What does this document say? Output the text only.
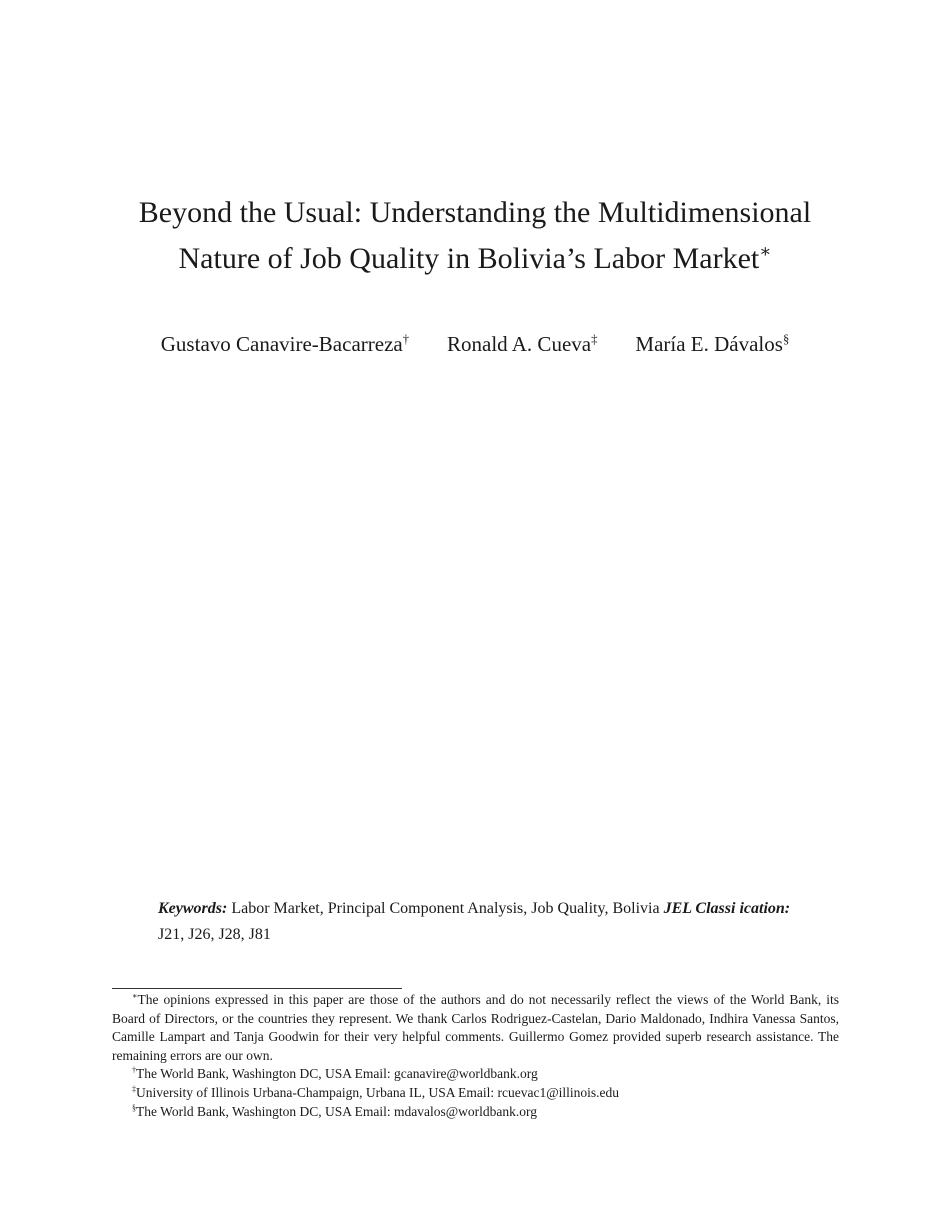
Beyond the Usual: Understanding the Multidimensional
Nature of Job Quality in Bolivia’s Labor Market∗
Gustavo Canavire-Bacarreza† Ronald A. Cueva‡ María E. Dávalos§
Keywords: Labor Market, Principal Component Analysis, Job Quality, Bolivia JEL Classi ication: J21, J26, J28, J81

∗The opinions expressed in this paper are those of the authors and do not necessarily reflect the views of the World Bank, its Board of Directors, or the countries they represent. We thank Carlos Rodriguez-Castelan, Dario Maldonado, Indhira Vanessa Santos, Camille Lampart and Tanja Goodwin for their very helpful comments. Guillermo Gomez provided superb research assistance. The remaining errors are our own.

†The World Bank, Washington DC, USA Email: gcanavire@worldbank.org

‡University of Illinois Urbana-Champaign, Urbana IL, USA Email: rcuevac1@illinois.edu

§The World Bank, Washington DC, USA Email: mdavalos@worldbank.org
